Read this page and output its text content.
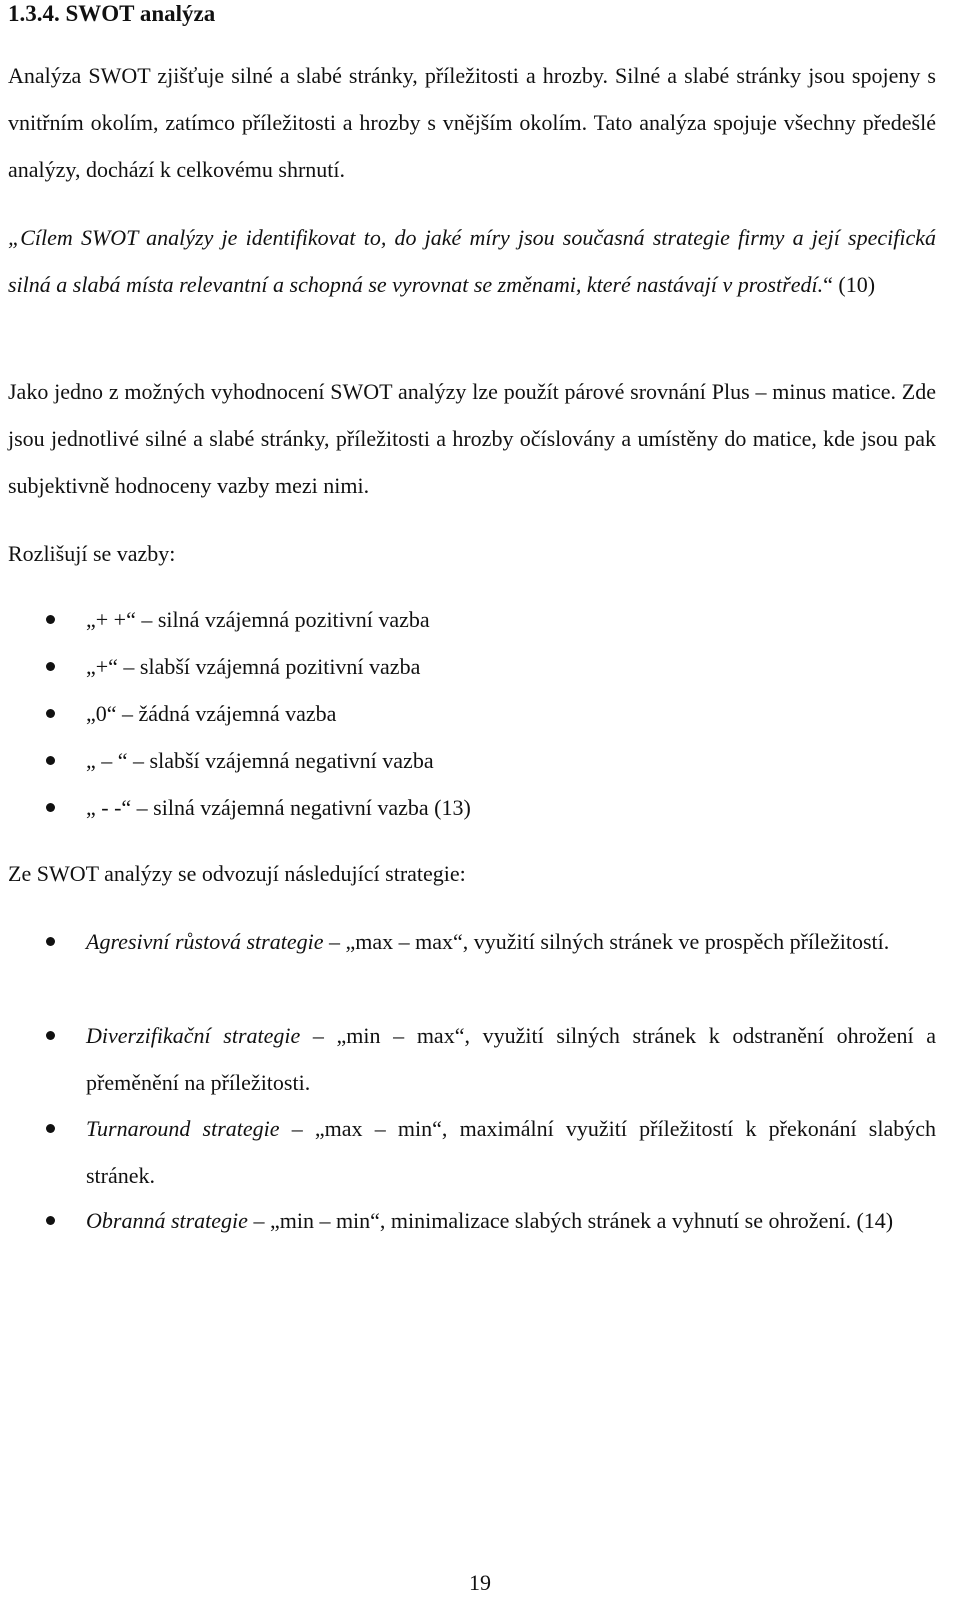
1.3.4. SWOT analýza

Analýza SWOT zjišťuje silné a slabé stránky, příležitosti a hrozby. Silné a slabé stránky jsou spojeny s vnitřním okolím, zatímco příležitosti a hrozby s vnějším okolím. Tato analýza spojuje všechny předešlé analýzy, dochází k celkovému shrnutí.

„Cílem SWOT analýzy je identifikovat to, do jaké míry jsou současná strategie firmy a její specifická silná a slabá místa relevantní a schopná se vyrovnat se změnami, které nastávají v prostředí.“ (10)

Jako jedno z možných vyhodnocení SWOT analýzy lze použít párové srovnání Plus – minus matice. Zde jsou jednotlivé silné a slabé stránky, příležitosti a hrozby očíslovány a umístěny do matice, kde jsou pak subjektivně hodnoceny vazby mezi nimi.

Rozlišují se vazby:
„+ +“ – silná vzájemná pozitivní vazba
„+“ – slabší vzájemná pozitivní vazba
„0“ – žádná vzájemná vazba
„ – “ – slabší vzájemná negativní vazba
„ - -“ – silná vzájemná negativní vazba (13)
Ze SWOT analýzy se odvozují následující strategie:

Agresivní růstová strategie – „max – max“, využití silných stránek ve prospěch příležitostí.

Diverzifikační strategie – „min – max“, využití silných stránek k odstranění ohrožení a přeměnění na příležitosti.

Turnaround strategie – „max – min“, maximální využití příležitostí k překonání slabých stránek.

Obranná strategie – „min – min“, minimalizace slabých stránek a vyhnutí se ohrožení. (14)

19
